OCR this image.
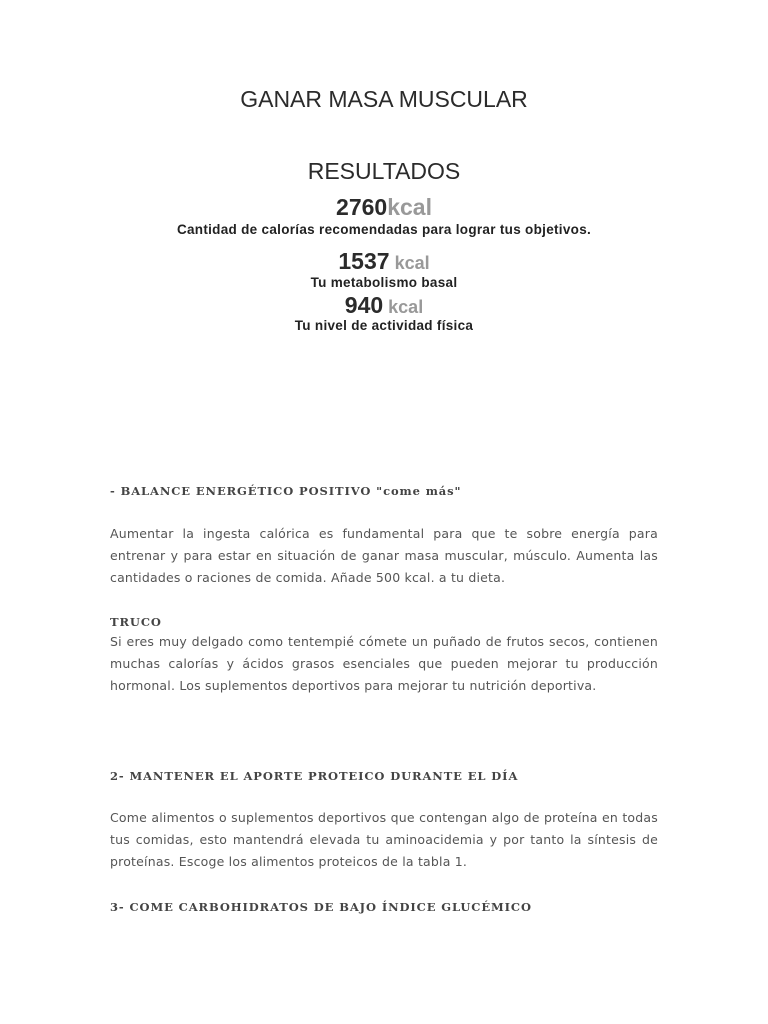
GANAR MASA MUSCULAR
RESULTADOS
2760kcal
Cantidad de calorías recomendadas para lograr tus objetivos.
1537 kcal
Tu metabolismo basal
940 kcal
Tu nivel de actividad física
- BALANCE ENERGÉTICO POSITIVO "come más"
Aumentar la ingesta calórica es fundamental para que te sobre energía para entrenar y para estar en situación de ganar masa muscular, músculo. Aumenta las cantidades o raciones de comida. Añade 500 kcal. a tu dieta.
TRUCO
Si eres muy delgado como tentempié cómete un puñado de frutos secos, contienen muchas calorías y ácidos grasos esenciales que pueden mejorar tu producción hormonal. Los suplementos deportivos para mejorar tu nutrición deportiva.
2- MANTENER EL APORTE PROTEICO DURANTE EL DÍA
Come alimentos o suplementos deportivos que contengan algo de proteína en todas tus comidas, esto mantendrá elevada tu aminoacidemia y por tanto la síntesis de proteínas. Escoge los alimentos proteicos de la tabla 1.
3- COME CARBOHIDRATOS DE BAJO ÍNDICE GLUCÉMICO
